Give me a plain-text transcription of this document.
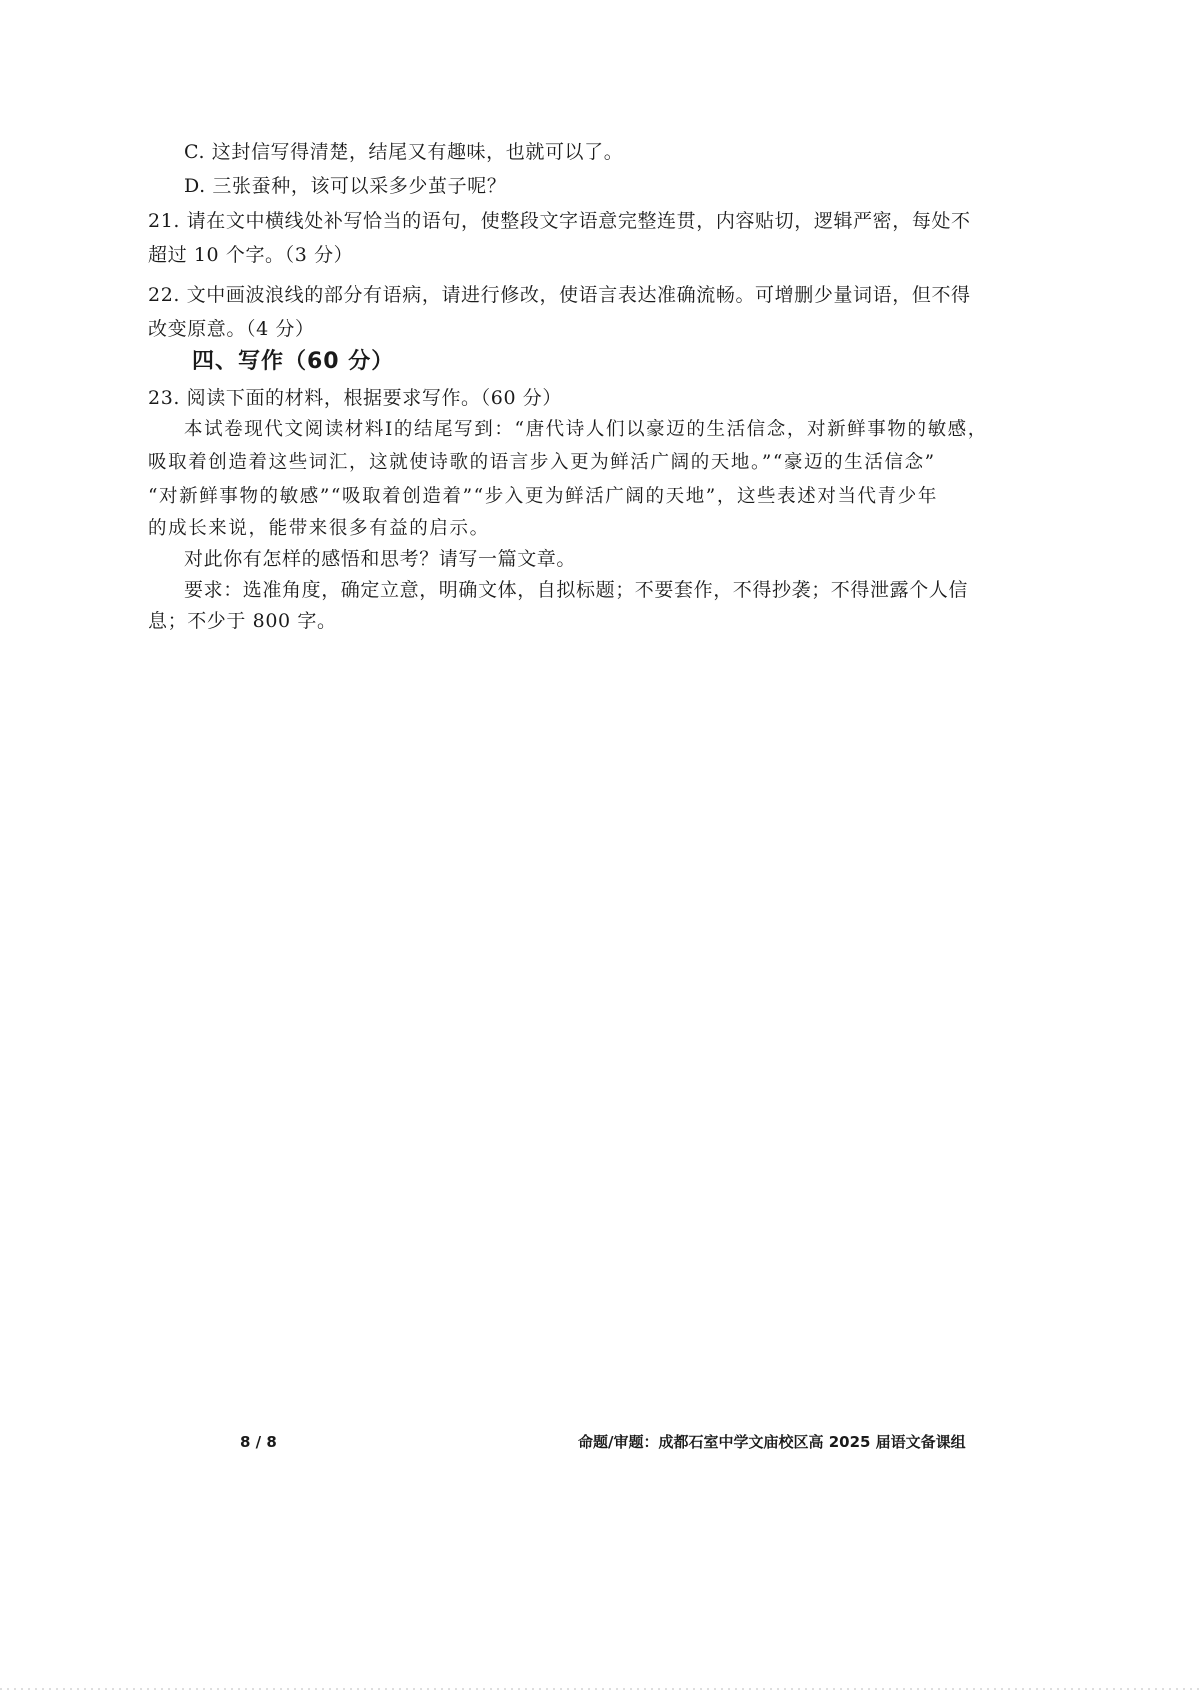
C. 这封信写得清楚，结尾又有趣味，也就可以了。
D. 三张蚕种，该可以采多少茧子呢？
21. 请在文中横线处补写恰当的语句，使整段文字语意完整连贯，内容贴切，逻辑严密，每处不
超过 10 个字。（3 分）
22. 文中画波浪线的部分有语病，请进行修改，使语言表达准确流畅。可增删少量词语，但不得
改变原意。（4 分）
四、写作（60 分）
23. 阅读下面的材料，根据要求写作。（60 分）
本试卷现代文阅读材料Ⅰ的结尾写到：“唐代诗人们以豪迈的生活信念，对新鲜事物的敏感，
吸取着创造着这些词汇，这就使诗歌的语言步入更为鲜活广阔的天地。”“豪迈的生活信念”
“对新鲜事物的敏感”“吸取着创造着”“步入更为鲜活广阔的天地”，这些表述对当代青少年
的成长来说，能带来很多有益的启示。
对此你有怎样的感悟和思考？请写一篇文章。
要求：选准角度，确定立意，明确文体，自拟标题；不要套作，不得抄袭；不得泄露个人信
息；不少于 800 字。
8 / 8	命题/审题：成都石室中学文庙校区高 2025 届语文备课组
